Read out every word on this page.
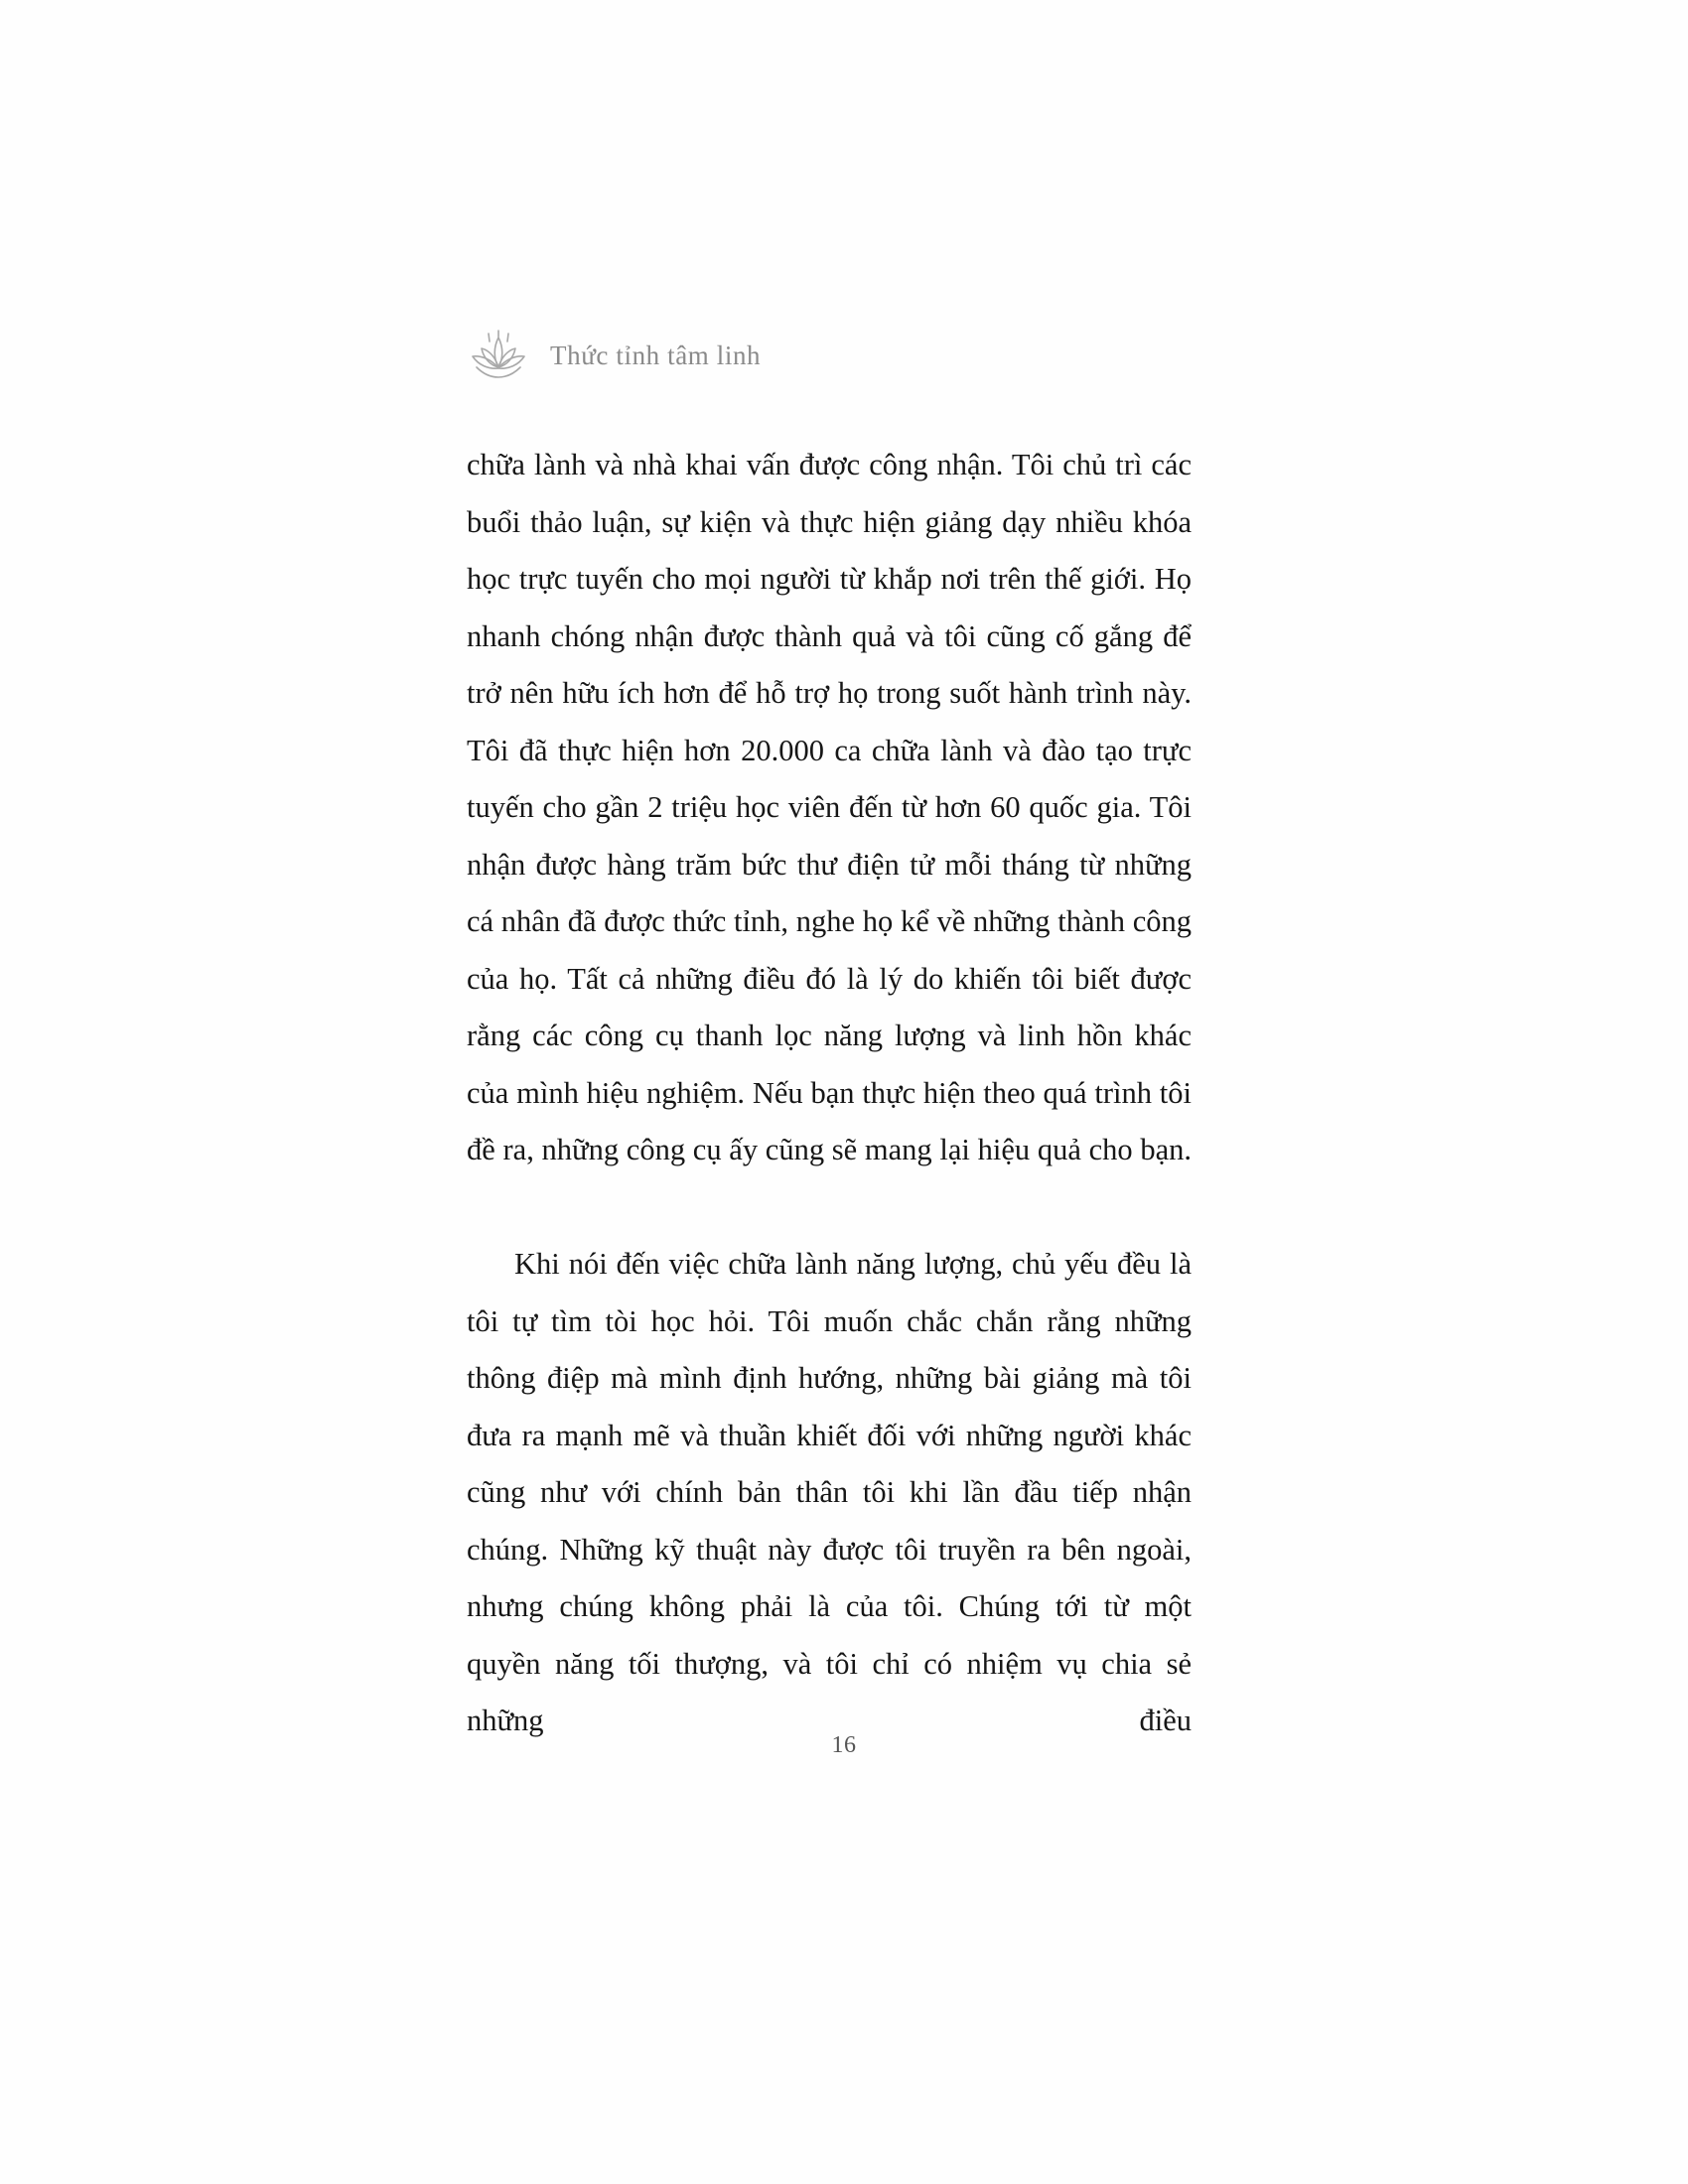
Thức tỉnh tâm linh

chữa lành và nhà khai vấn được công nhận. Tôi chủ trì các buổi thảo luận, sự kiện và thực hiện giảng dạy nhiều khóa học trực tuyến cho mọi người từ khắp nơi trên thế giới. Họ nhanh chóng nhận được thành quả và tôi cũng cố gắng để trở nên hữu ích hơn để hỗ trợ họ trong suốt hành trình này. Tôi đã thực hiện hơn 20.000 ca chữa lành và đào tạo trực tuyến cho gần 2 triệu học viên đến từ hơn 60 quốc gia. Tôi nhận được hàng trăm bức thư điện tử mỗi tháng từ những cá nhân đã được thức tỉnh, nghe họ kể về những thành công của họ. Tất cả những điều đó là lý do khiến tôi biết được rằng các công cụ thanh lọc năng lượng và linh hồn khác của mình hiệu nghiệm. Nếu bạn thực hiện theo quá trình tôi đề ra, những công cụ ấy cũng sẽ mang lại hiệu quả cho bạn.

Khi nói đến việc chữa lành năng lượng, chủ yếu đều là tôi tự tìm tòi học hỏi. Tôi muốn chắc chắn rằng những thông điệp mà mình định hướng, những bài giảng mà tôi đưa ra mạnh mẽ và thuần khiết đối với những người khác cũng như với chính bản thân tôi khi lần đầu tiếp nhận chúng. Những kỹ thuật này được tôi truyền ra bên ngoài, nhưng chúng không phải là của tôi. Chúng tới từ một quyền năng tối thượng, và tôi chỉ có nhiệm vụ chia sẻ những điều

16
